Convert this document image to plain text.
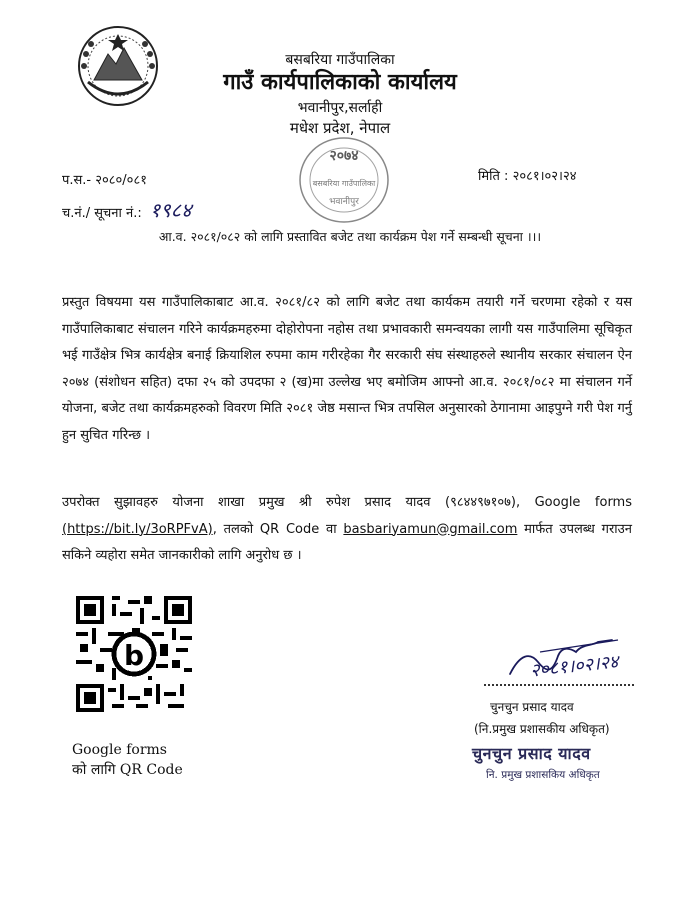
बसबरिया गाउँपालिका
गाउँ कार्यपालिकाको कार्यालय
भवानीपुर,सर्लाही
मधेश प्रदेश, नेपाल
२०७४
बसबरिया गाउँपालिका
भवानीपुर
प.स.- २०८०/०८१
च.नं./ सूचना नं.: १९८४
मिति : २०८१।०२।२४
आ.व. २०८१/०८२ को लागि प्रस्तावित बजेट तथा कार्यक्रम पेश गर्ने सम्बन्धी सूचना ।।।
प्रस्तुत विषयमा यस गाउँपालिकाबाट आ.व. २०८१/८२ को लागि बजेट तथा कार्यकम तयारी गर्ने चरणमा रहेको र यस गाउँपालिकाबाट संचालन गरिने कार्यक्रमहरुमा दोहोरोपना नहोस तथा प्रभावकारी समन्वयका लागी यस गाउँपालिमा सूचिकृत भई गाउँक्षेत्र भित्र कार्यक्षेत्र बनाई क्रियाशिल रुपमा काम गरीरहेका गैर सरकारी संघ संस्थाहरुले स्थानीय सरकार संचालन ऐन २०७४ (संशोधन सहित) दफा २५ को उपदफा २ (ख)मा उल्लेख भए बमोजिम आफ्नो आ.व. २०८१/०८२ मा संचालन गर्ने योजना, बजेट तथा कार्यक्रमहरुको विवरण मिति २०८१ जेष्ठ मसान्त भित्र तपसिल अनुसारको ठेगानामा आइपुग्ने गरी पेश गर्नु हुन सुचित गरिन्छ ।
उपरोक्त सुझावहरु योजना शाखा प्रमुख श्री रुपेश प्रसाद यादव (९८४४९७१०७), Google forms (https://bit.ly/3oRPFvA), तलको QR Code वा basbariyamun@gmail.com मार्फत उपलब्ध गराउन सकिने व्यहोरा समेत जानकारीको लागि अनुरोध छ ।
b
Google forms
को लागि QR Code
२०८१।०२।२४
चुनचुन प्रसाद यादव
(नि.प्रमुख प्रशासकीय अधिकृत)
चुनचुन प्रसाद यादव
नि. प्रमुख प्रशासकिय अधिकृत
